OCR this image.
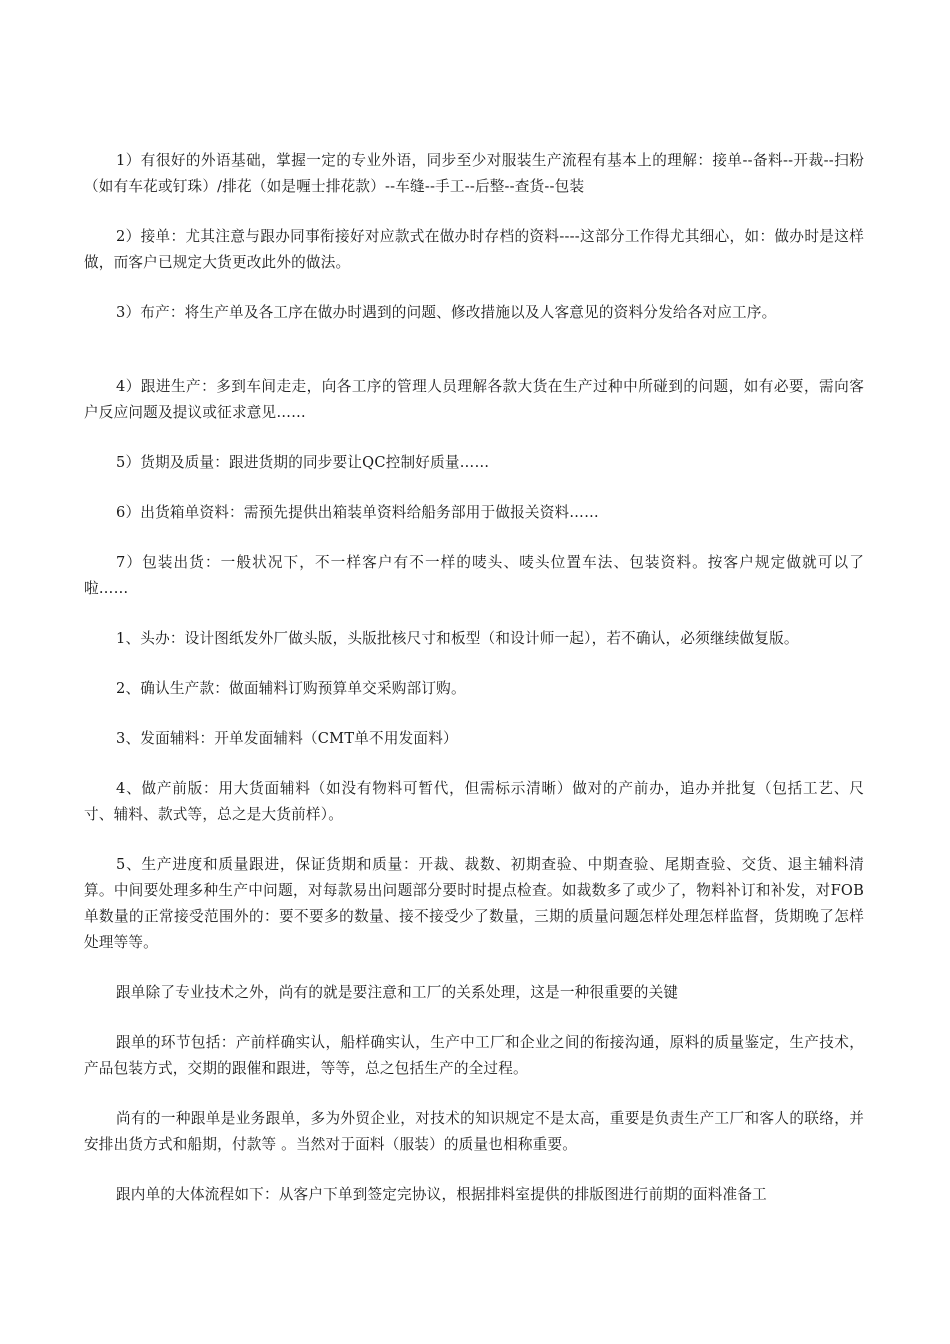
1）有很好的外语基础，掌握一定的专业外语，同步至少对服装生产流程有基本上的理解：接单--备料--开裁--扫粉（如有车花或钉珠）/排花（如是喱士排花款）--车缝--手工--后整--查货--包装

2）接单：尤其注意与跟办同事衔接好对应款式在做办时存档的资料----这部分工作得尤其细心，如：做办时是这样做，而客户已规定大货更改此外的做法。

3）布产：将生产单及各工序在做办时遇到的问题、修改措施以及人客意见的资料分发给各对应工序。

4）跟进生产：多到车间走走，向各工序的管理人员理解各款大货在生产过种中所碰到的问题，如有必要，需向客户反应问题及提议或征求意见……

5）货期及质量：跟进货期的同步要让QC控制好质量……

6）出货箱单资料：需预先提供出箱装单资料给船务部用于做报关资料……

7）包装出货：一般状况下，不一样客户有不一样的唛头、唛头位置车法、包装资料。按客户规定做就可以了啦……

1、头办：设计图纸发外厂做头版，头版批核尺寸和板型（和设计师一起），若不确认，必须继续做复版。

2、确认生产款：做面辅料订购预算单交采购部订购。

3、发面辅料：开单发面辅料（CMT单不用发面料）

4、做产前版：用大货面辅料（如没有物料可暂代，但需标示清晰）做对的产前办，追办并批复（包括工艺、尺寸、辅料、款式等，总之是大货前样）。

5、生产进度和质量跟进，保证货期和质量：开裁、裁数、初期查验、中期查验、尾期查验、交货、退主辅料清算。中间要处理多种生产中问题，对每款易出问题部分要时时提点检查。如裁数多了或少了，物料补订和补发，对FOB单数量的正常接受范围外的：要不要多的数量、接不接受少了数量，三期的质量问题怎样处理怎样监督，货期晚了怎样处理等等。

跟单除了专业技术之外，尚有的就是要注意和工厂的关系处理，这是一种很重要的关键

跟单的环节包括：产前样确实认，船样确实认，生产中工厂和企业之间的衔接沟通，原料的质量鉴定，生产技术，产品包装方式，交期的跟催和跟进，等等，总之包括生产的全过程。

尚有的一种跟单是业务跟单，多为外贸企业，对技术的知识规定不是太高，重要是负责生产工厂和客人的联络，并安排出货方式和船期，付款等 。当然对于面料（服装）的质量也相称重要。

跟内单的大体流程如下：从客户下单到签定完协议，根据排料室提供的排版图进行前期的面料准备工
